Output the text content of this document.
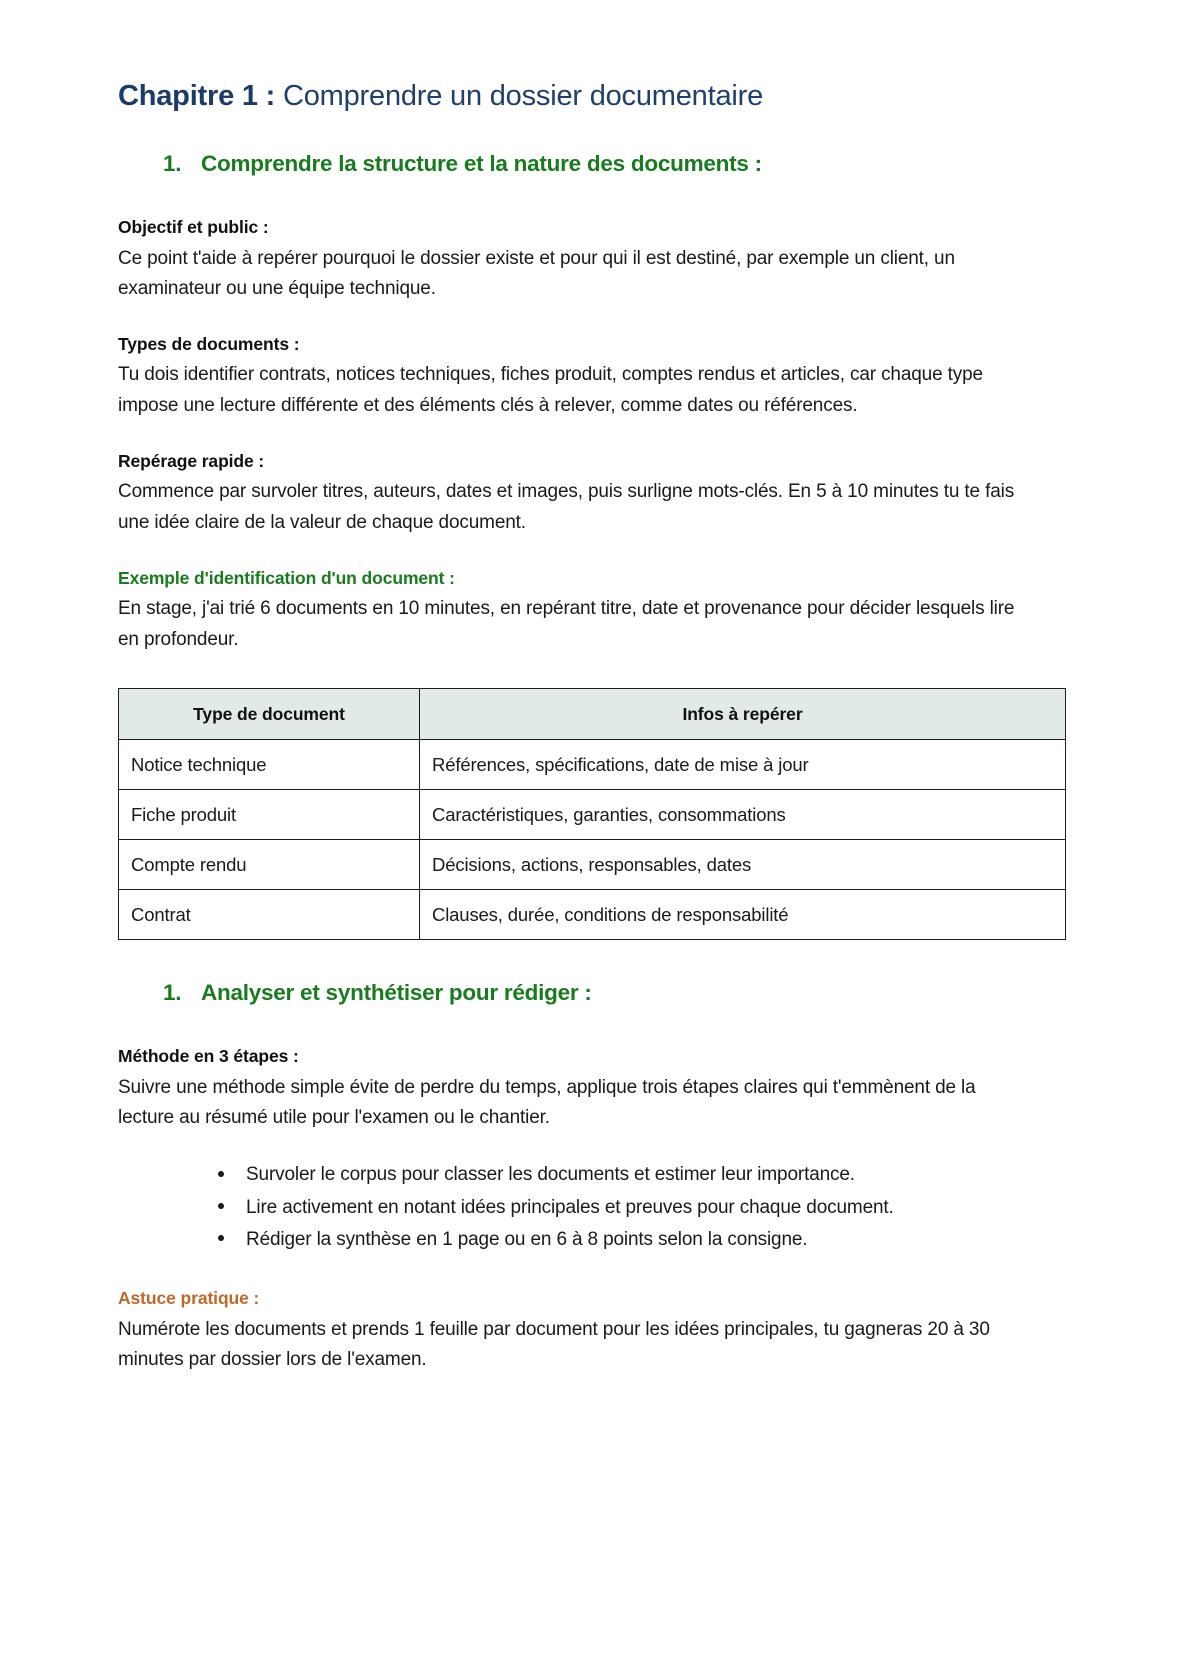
Chapitre 1 : Comprendre un dossier documentaire
1. Comprendre la structure et la nature des documents :
Objectif et public :

Ce point t'aide à repérer pourquoi le dossier existe et pour qui il est destiné, par exemple un client, un examinateur ou une équipe technique.

Types de documents :

Tu dois identifier contrats, notices techniques, fiches produit, comptes rendus et articles, car chaque type impose une lecture différente et des éléments clés à relever, comme dates ou références.

Repérage rapide :

Commence par survoler titres, auteurs, dates et images, puis surligne mots-clés. En 5 à 10 minutes tu te fais une idée claire de la valeur de chaque document.

Exemple d'identification d'un document :

En stage, j'ai trié 6 documents en 10 minutes, en repérant titre, date et provenance pour décider lesquels lire en profondeur.

Type de document	Infos à repérer
Notice technique	Références, spécifications, date de mise à jour
Fiche produit	Caractéristiques, garanties, consommations
Compte rendu	Décisions, actions, responsables, dates
Contrat	Clauses, durée, conditions de responsabilité
1. Analyser et synthétiser pour rédiger :
Méthode en 3 étapes :

Suivre une méthode simple évite de perdre du temps, applique trois étapes claires qui t'emmènent de la lecture au résumé utile pour l'examen ou le chantier.

Survoler le corpus pour classer les documents et estimer leur importance.
Lire activement en notant idées principales et preuves pour chaque document.
Rédiger la synthèse en 1 page ou en 6 à 8 points selon la consigne.
Astuce pratique :

Numérote les documents et prends 1 feuille par document pour les idées principales, tu gagneras 20 à 30 minutes par dossier lors de l'examen.
